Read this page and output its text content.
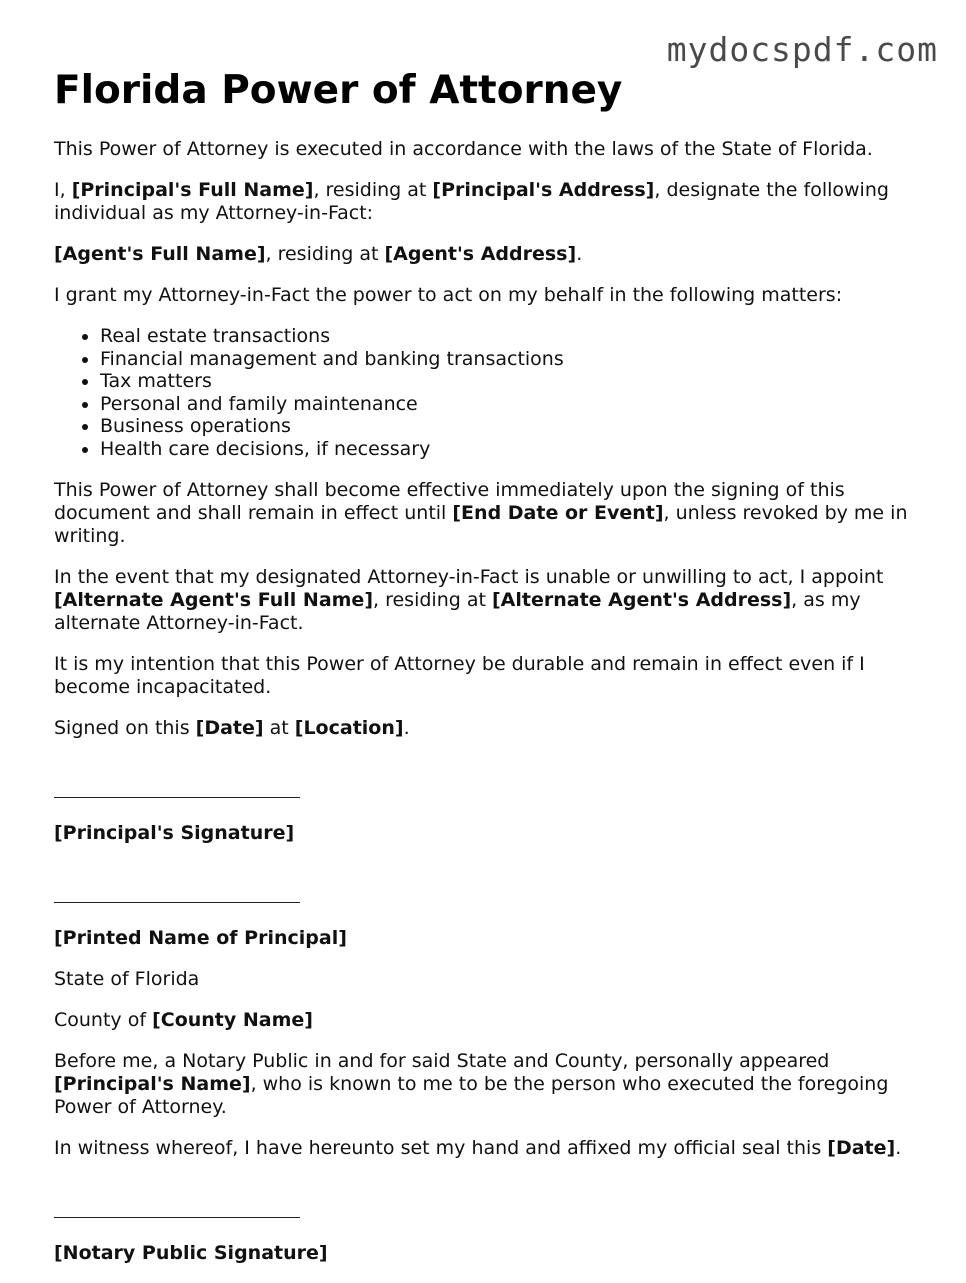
mydocspdf.com
Florida Power of Attorney

This Power of Attorney is executed in accordance with the laws of the State of Florida.

I, [Principal's Full Name], residing at [Principal's Address], designate the following individual as my Attorney-in-Fact:

[Agent's Full Name], residing at [Agent's Address].

I grant my Attorney-in-Fact the power to act on my behalf in the following matters:

• Real estate transactions
• Financial management and banking transactions
• Tax matters
• Personal and family maintenance
• Business operations
• Health care decisions, if necessary

This Power of Attorney shall become effective immediately upon the signing of this document and shall remain in effect until [End Date or Event], unless revoked by me in writing.

In the event that my designated Attorney-in-Fact is unable or unwilling to act, I appoint [Alternate Agent's Full Name], residing at [Alternate Agent's Address], as my alternate Attorney-in-Fact.

It is my intention that this Power of Attorney be durable and remain in effect even if I become incapacitated.

Signed on this [Date] at [Location].

[Principal's Signature]

[Printed Name of Principal]

State of Florida

County of [County Name]

Before me, a Notary Public in and for said State and County, personally appeared [Principal's Name], who is known to me to be the person who executed the foregoing Power of Attorney.

In witness whereof, I have hereunto set my hand and affixed my official seal this [Date].

[Notary Public Signature]
